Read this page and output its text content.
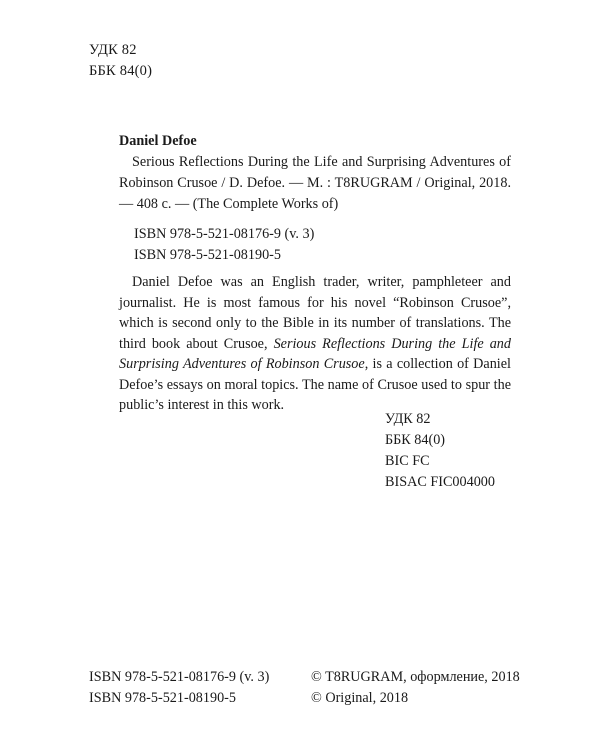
УДК 82
ББК 84(0)
Daniel Defoe
Serious Reflections During the Life and Surprising Adventures of Robinson Crusoe / D. Defoe. — M. : T8RUGRAM / Original, 2018. — 408 с. — (The Complete Works of)
ISBN 978-5-521-08176-9 (v. 3)
ISBN 978-5-521-08190-5
Daniel Defoe was an English trader, writer, pamphleteer and journalist. He is most famous for his novel “Robinson Crusoe”, which is second only to the Bible in its number of translations. The third book about Crusoe, Serious Reflections During the Life and Surprising Adventures of Robinson Crusoe, is a collection of Daniel Defoe’s essays on moral topics. The name of Crusoe used to spur the public’s interest in this work.
УДК 82
ББК 84(0)
BIC FC
BISAC FIC004000
ISBN 978-5-521-08176-9 (v. 3)
ISBN 978-5-521-08190-5
© T8RUGRAM, оформление, 2018
© Original, 2018
